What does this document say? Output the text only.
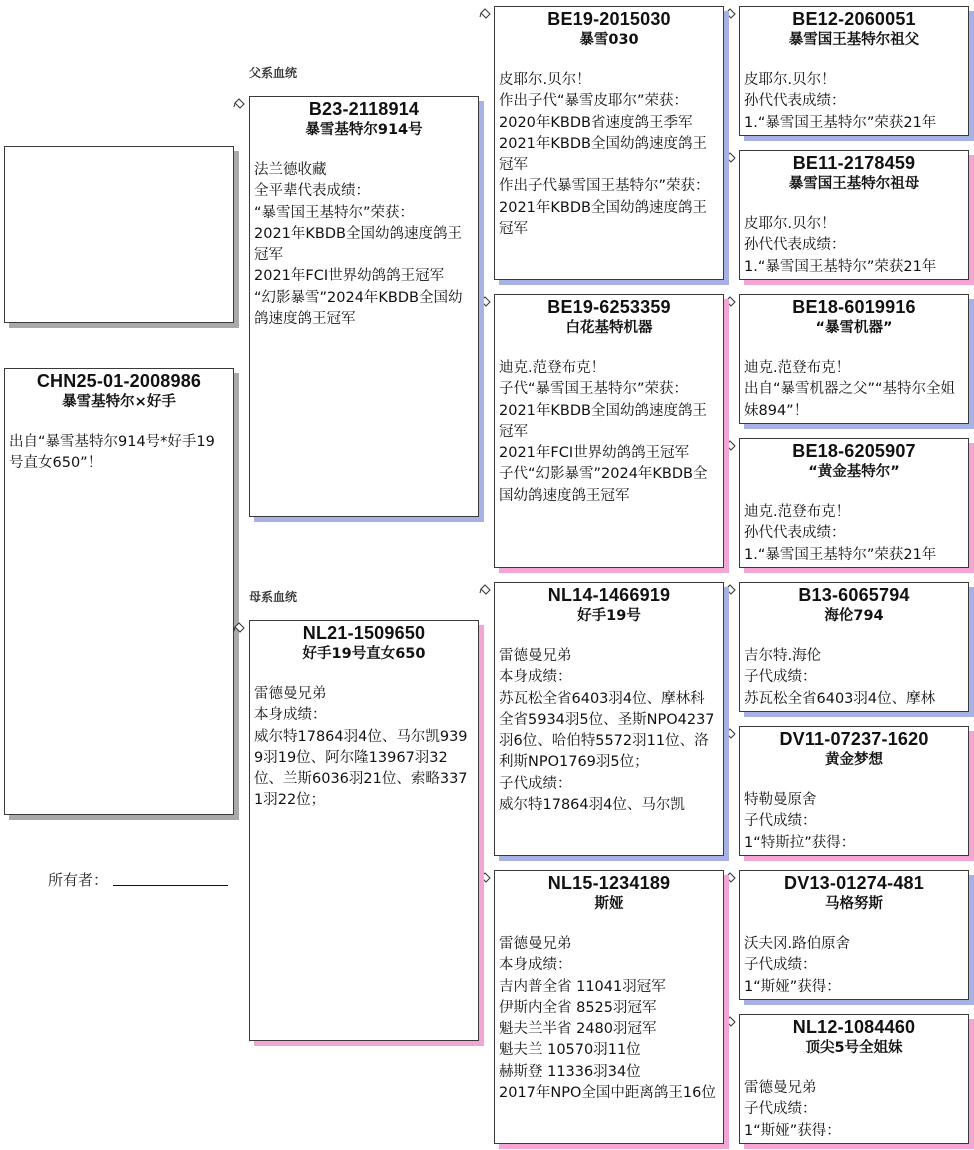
父系血统
母系血统
CHN25-01-2008986
暴雪基特尔×好手
出自“暴雪基特尔914号*好手19号直女650”！
所有者：
B23-2118914
暴雪基特尔914号
法兰德收藏
全平辈代表成绩：
“暴雪国王基特尔”荣获：
2021年KBDB全国幼鸽速度鸽王冠军
2021年FCI世界幼鸽鸽王冠军
“幻影暴雪”2024年KBDB全国幼鸽速度鸽王冠军
NL21-1509650
好手19号直女650
雷德曼兄弟
本身成绩：
威尔特17864羽4位、马尔凯9399羽19位、阿尔隆13967羽32位、兰斯6036羽21位、索略3371羽22位；
BE19-2015030
暴雪030
皮耶尔.贝尔！
作出子代“暴雪皮耶尔”荣获：
2020年KBDB省速度鸽王季军
2021年KBDB全国幼鸽速度鸽王冠军
作出子代暴雪国王基特尔”荣获：
2021年KBDB全国幼鸽速度鸽王冠军
BE19-6253359
白花基特机器
迪克.范登布克！
子代“暴雪国王基特尔”荣获：
2021年KBDB全国幼鸽速度鸽王冠军
2021年FCI世界幼鸽鸽王冠军
子代“幻影暴雪”2024年KBDB全国幼鸽速度鸽王冠军
NL14-1466919
好手19号
雷德曼兄弟
本身成绩：
苏瓦松全省6403羽4位、摩林科全省5934羽5位、圣斯NPO4237羽6位、哈伯特5572羽11位、洛利斯NPO1769羽5位；
子代成绩：
威尔特17864羽4位、马尔凯
NL15-1234189
斯娅
雷德曼兄弟
本身成绩：
吉内普全省 11041羽冠军
伊斯内全省 8525羽冠军
魁夫兰半省 2480羽冠军
魁夫兰 10570羽11位
赫斯登 11336羽34位
2017年NPO全国中距离鸽王16位
BE12-2060051
暴雪国王基特尔祖父
皮耶尔.贝尔！
孙代代表成绩：
1.“暴雪国王基特尔”荣获21年
BE11-2178459
暴雪国王基特尔祖母
皮耶尔.贝尔！
孙代代表成绩：
1.“暴雪国王基特尔”荣获21年
BE18-6019916
“暴雪机器”
迪克.范登布克！
出自“暴雪机器之父”“基特尔全姐妹894”！
BE18-6205907
“黄金基特尔”
迪克.范登布克！
孙代代表成绩：
1.“暴雪国王基特尔”荣获21年
B13-6065794
海伦794
吉尔特.海伦
子代成绩：
苏瓦松全省6403羽4位、摩林
DV11-07237-1620
黄金梦想
特勒曼原舍
子代成绩：
1“特斯拉”获得：
DV13-01274-481
马格努斯
沃夫冈.路伯原舍
子代成绩：
1“斯娅”获得：
NL12-1084460
顶尖5号全姐妹
雷德曼兄弟
子代成绩：
1“斯娅”获得：
